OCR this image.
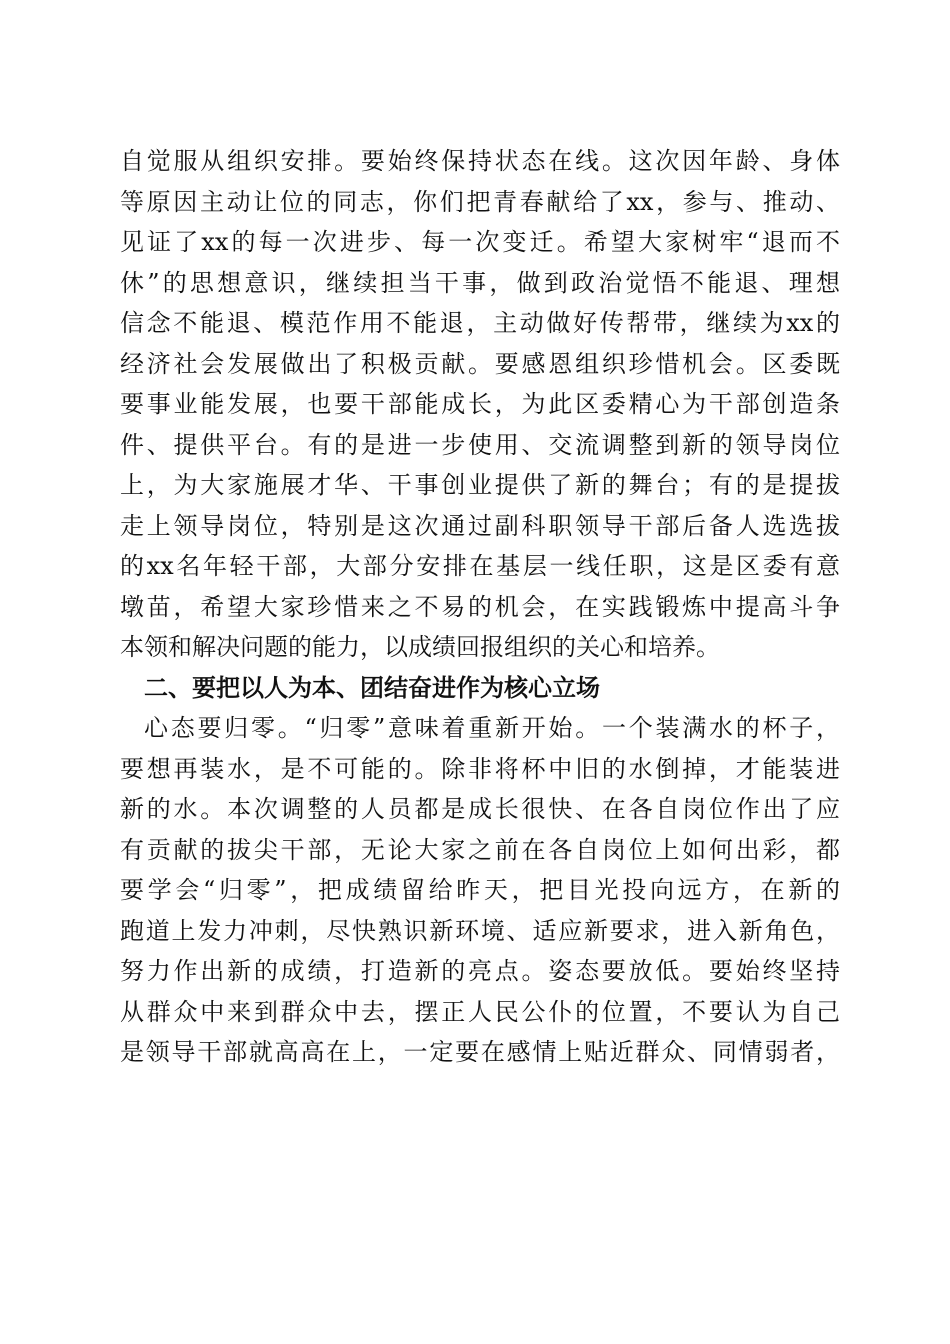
自觉服从组织安排。要始终保持状态在线。这次因年龄、身体
等原因主动让位的同志，你们把青春献给了xx，参与、推动、
见证了xx的每一次进步、每一次变迁。希望大家树牢“退而不
休”的思想意识，继续担当干事，做到政治觉悟不能退、理想
信念不能退、模范作用不能退，主动做好传帮带，继续为xx的
经济社会发展做出了积极贡献。要感恩组织珍惜机会。区委既
要事业能发展，也要干部能成长，为此区委精心为干部创造条
件、提供平台。有的是进一步使用、交流调整到新的领导岗位
上，为大家施展才华、干事创业提供了新的舞台；有的是提拔
走上领导岗位，特别是这次通过副科职领导干部后备人选选拔
的xx名年轻干部，大部分安排在基层一线任职，这是区委有意
墩苗，希望大家珍惜来之不易的机会，在实践锻炼中提高斗争
本领和解决问题的能力，以成绩回报组织的关心和培养。
二、要把以人为本、团结奋进作为核心立场
心态要归零。“归零”意味着重新开始。一个装满水的杯子，
要想再装水，是不可能的。除非将杯中旧的水倒掉，才能装进
新的水。本次调整的人员都是成长很快、在各自岗位作出了应
有贡献的拔尖干部，无论大家之前在各自岗位上如何出彩，都
要学会“归零”，把成绩留给昨天，把目光投向远方，在新的
跑道上发力冲刺，尽快熟识新环境、适应新要求，进入新角色，
努力作出新的成绩，打造新的亮点。姿态要放低。要始终坚持
从群众中来到群众中去，摆正人民公仆的位置，不要认为自己
是领导干部就高高在上，一定要在感情上贴近群众、同情弱者，
